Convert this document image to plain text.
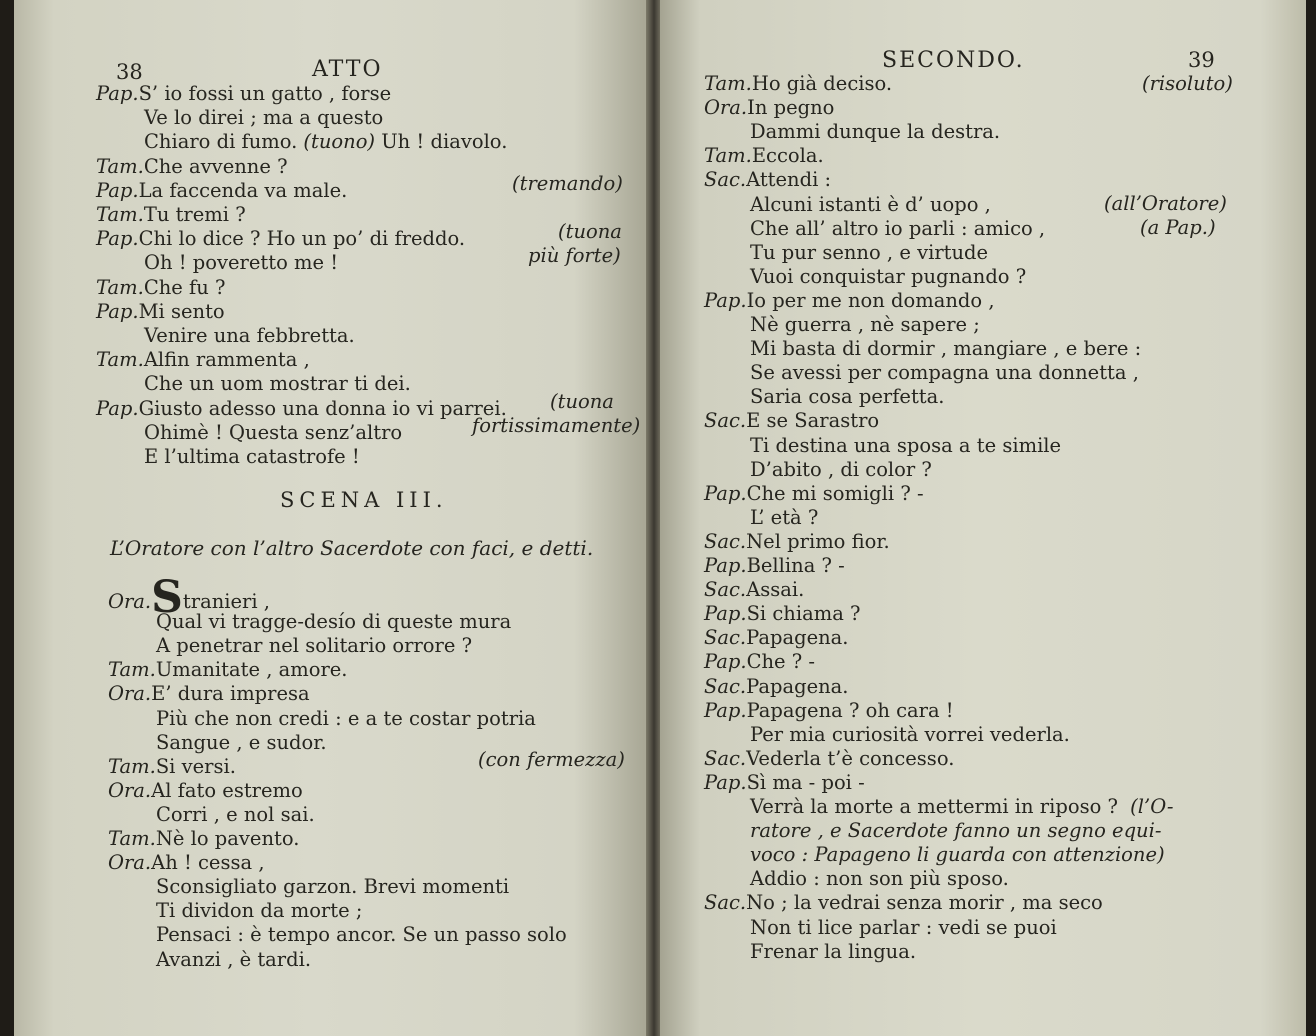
38	ATTO
Pap.S’ io fossi un gatto , forse
Ve lo direi ; ma a questo
Chiaro di fumo. (tuono) Uh ! diavolo.
Tam.Che avvenne ?
Pap.La faccenda va male.
Tam.Tu tremi ?
Pap.Chi lo dice ? Ho un po’ di freddo.
Oh ! poveretto me !
Tam.Che fu ?
Pap.Mi sento
Venire una febbretta.
Tam.Alfin rammenta ,
Che un uom mostrar ti dei.
Pap.Giusto adesso una donna io vi parrei.
Ohimè ! Questa senz’altro
E l’ultima catastrofe !
(tremando)
(tuona
più forte)
(tuona
fortissimamente)
SCENA III.
L’Oratore con l’altro Sacerdote con faci, e detti.
Ora.Stranieri ,
Qual vi tragge-desío di queste mura
A penetrar nel solitario orrore ?
Tam.Umanitate , amore.
Ora.E’ dura impresa
Più che non credi : e a te costar potria
Sangue , e sudor.
Tam.Si versi.
Ora.Al fato estremo
Corri , e nol sai.
Tam.Nè lo pavento.
Ora.Ah ! cessa ,
Sconsigliato garzon. Brevi momenti
Ti dividon da morte ;
Pensaci : è tempo ancor. Se un passo solo
Avanzi , è tardi.
(con fermezza)
SECONDO.	39
Tam.Ho già deciso.
Ora.In pegno
Dammi dunque la destra.
Tam.Eccola.
Sac.Attendi :
Alcuni istanti è d’ uopo ,
Che all’ altro io parli : amico ,
Tu pur senno , e virtude
Vuoi conquistar pugnando ?
Pap.Io per me non domando ,
Nè guerra , nè sapere ;
Mi basta di dormir , mangiare , e bere :
Se avessi per compagna una donnetta ,
Saria cosa perfetta.
Sac.E se Sarastro
Ti destina una sposa a te simile
D’abito , di color ?
Pap.Che mi somigli ? -
L’ età ?
Sac.Nel primo fior.
Pap.Bellina ? -
Sac.Assai.
Pap.Si chiama ?
Sac.Papagena.
Pap.Che ? -
Sac.Papagena.
Pap.Papagena ? oh cara !
Per mia curiosità vorrei vederla.
Sac.Vederla t’è concesso.
Pap.Sì ma - poi -
Verrà la morte a mettermi in riposo ? (l’O-
ratore , e Sacerdote fanno un segno equi-
voco : Papageno li guarda con attenzione)
Addio : non son più sposo.
Sac.No ; la vedrai senza morir , ma seco
Non ti lice parlar : vedi se puoi
Frenar la lingua.
(risoluto)
(all’Oratore)
(a Pap.)
